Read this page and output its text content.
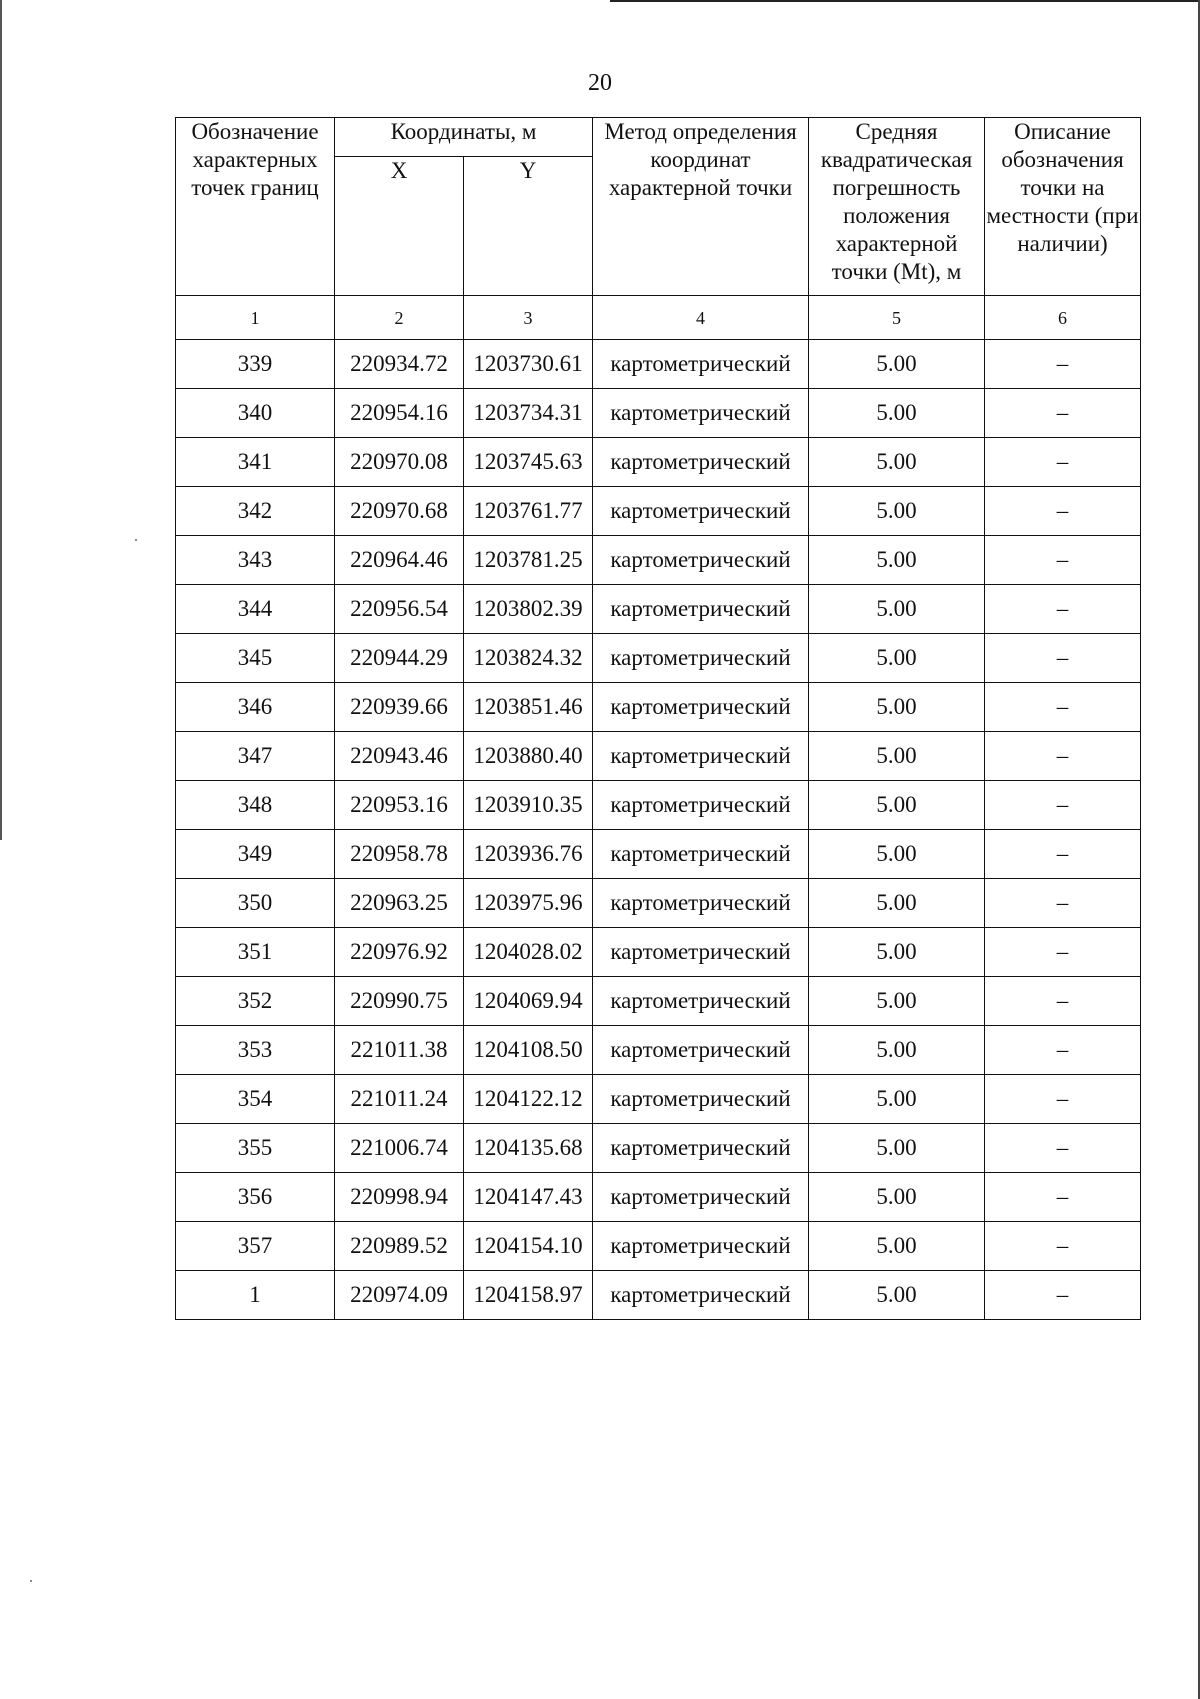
20
Обозначение характерных точек границ	Координаты, м		Метод определения координат характерной точки	Средняя квадратическая погрешность положения характерной точки (Mt), м	Описание обозначения точки на местности (при наличии)
	X	Y			
1	2	3	4	5	6
339	220934.72	1203730.61	картометрический	5.00	–
340	220954.16	1203734.31	картометрический	5.00	–
341	220970.08	1203745.63	картометрический	5.00	–
342	220970.68	1203761.77	картометрический	5.00	–
343	220964.46	1203781.25	картометрический	5.00	–
344	220956.54	1203802.39	картометрический	5.00	–
345	220944.29	1203824.32	картометрический	5.00	–
346	220939.66	1203851.46	картометрический	5.00	–
347	220943.46	1203880.40	картометрический	5.00	–
348	220953.16	1203910.35	картометрический	5.00	–
349	220958.78	1203936.76	картометрический	5.00	–
350	220963.25	1203975.96	картометрический	5.00	–
351	220976.92	1204028.02	картометрический	5.00	–
352	220990.75	1204069.94	картометрический	5.00	–
353	221011.38	1204108.50	картометрический	5.00	–
354	221011.24	1204122.12	картометрический	5.00	–
355	221006.74	1204135.68	картометрический	5.00	–
356	220998.94	1204147.43	картометрический	5.00	–
357	220989.52	1204154.10	картометрический	5.00	–
1	220974.09	1204158.97	картометрический	5.00	–
